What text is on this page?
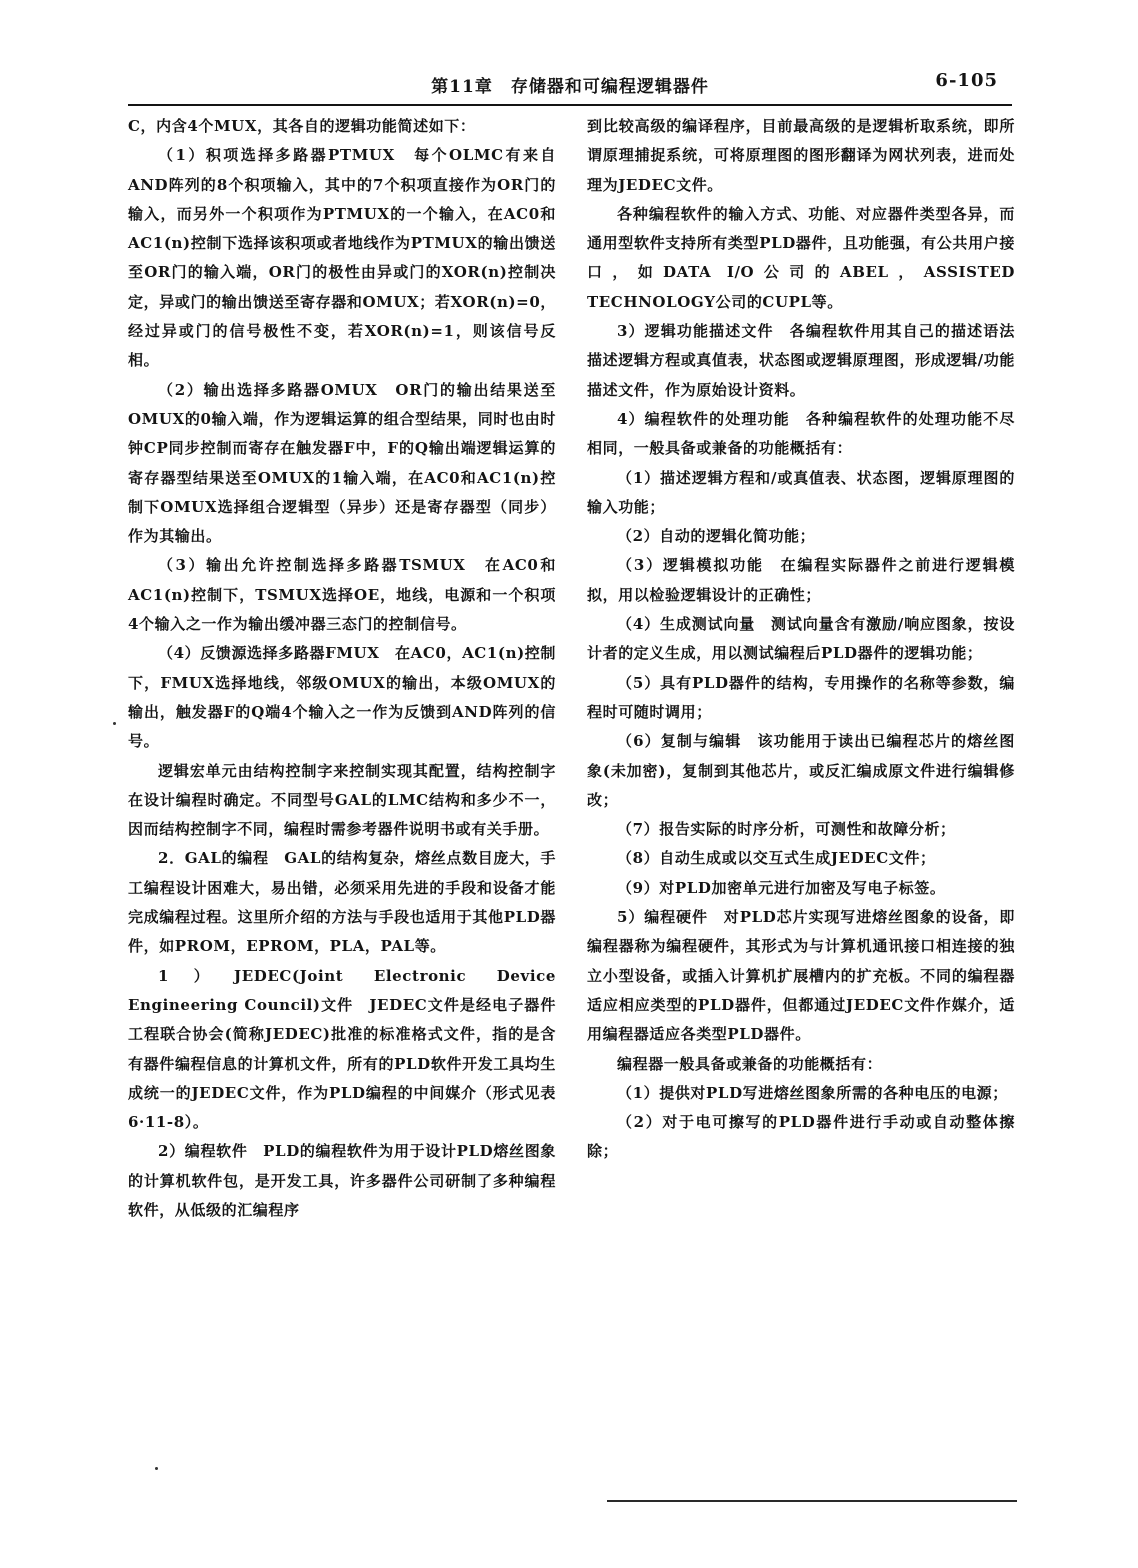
第11章　存储器和可编程逻辑器件	6-105

C，内含4个MUX，其各自的逻辑功能简述如下：

（1）积项选择多路器PTMUX　每个OLMC有来自AND阵列的8个积项输入，其中的7个积项直接作为OR门的输入，而另外一个积项作为PTMUX的一个输入，在AC0和AC1(n)控制下选择该积项或者地线作为PTMUX的输出馈送至OR门的输入端，OR门的极性由异或门的XOR(n)控制决定，异或门的输出馈送至寄存器和OMUX；若XOR(n)=0，经过异或门的信号极性不变，若XOR(n)=1，则该信号反相。

（2）输出选择多路器OMUX　OR门的输出结果送至OMUX的0输入端，作为逻辑运算的组合型结果，同时也由时钟CP同步控制而寄存在触发器F中，F的Q输出端逻辑运算的寄存器型结果送至OMUX的1输入端，在AC0和AC1(n)控制下OMUX选择组合逻辑型（异步）还是寄存器型（同步）作为其输出。

（3）输出允许控制选择多路器TSMUX　在AC0和AC1(n)控制下，TSMUX选择OE，地线，电源和一个积项4个输入之一作为输出缓冲器三态门的控制信号。

（4）反馈源选择多路器FMUX　在AC0，AC1(n)控制下，FMUX选择地线，邻级OMUX的输出，本级OMUX的输出，触发器F的Q端4个输入之一作为反馈到AND阵列的信号。

逻辑宏单元由结构控制字来控制实现其配置，结构控制字在设计编程时确定。不同型号GAL的LMC结构和多少不一，因而结构控制字不同，编程时需参考器件说明书或有关手册。

2．GAL的编程　GAL的结构复杂，熔丝点数目庞大，手工编程设计困难大，易出错，必须采用先进的手段和设备才能完成编程过程。这里所介绍的方法与手段也适用于其他PLD器件，如PROM，EPROM，PLA，PAL等。

1）JEDEC(Joint Electronic Device Engineering Council)文件　JEDEC文件是经电子器件工程联合协会(简称JEDEC)批准的标准格式文件，指的是含有器件编程信息的计算机文件，所有的PLD软件开发工具均生成统一的JEDEC文件，作为PLD编程的中间媒介（形式见表6·11-8）。

2）编程软件　PLD的编程软件为用于设计PLD熔丝图象的计算机软件包，是开发工具，许多器件公司研制了多种编程软件，从低级的汇编程序

到比较高级的编译程序，目前最高级的是逻辑析取系统，即所谓原理捕捉系统，可将原理图的图形翻译为网状列表，进而处理为JEDEC文件。

各种编程软件的输入方式、功能、对应器件类型各异，而通用型软件支持所有类型PLD器件，且功能强，有公共用户接口，如DATA I/O公司的ABEL，ASSISTED TECHNOLOGY公司的CUPL等。

3）逻辑功能描述文件　各编程软件用其自己的描述语法描述逻辑方程或真值表，状态图或逻辑原理图，形成逻辑/功能描述文件，作为原始设计资料。

4）编程软件的处理功能　各种编程软件的处理功能不尽相同，一般具备或兼备的功能概括有：

（1）描述逻辑方程和/或真值表、状态图，逻辑原理图的输入功能；

（2）自动的逻辑化简功能；

（3）逻辑模拟功能　在编程实际器件之前进行逻辑模拟，用以检验逻辑设计的正确性；

（4）生成测试向量　测试向量含有激励/响应图象，按设计者的定义生成，用以测试编程后PLD器件的逻辑功能；

（5）具有PLD器件的结构，专用操作的名称等参数，编程时可随时调用；

（6）复制与编辑　该功能用于读出已编程芯片的熔丝图象(未加密)，复制到其他芯片，或反汇编成原文件进行编辑修改；

（7）报告实际的时序分析，可测性和故障分析；

（8）自动生成或以交互式生成JEDEC文件；

（9）对PLD加密单元进行加密及写电子标签。

5）编程硬件　对PLD芯片实现写进熔丝图象的设备，即编程器称为编程硬件，其形式为与计算机通讯接口相连接的独立小型设备，或插入计算机扩展槽内的扩充板。不同的编程器适应相应类型的PLD器件，但都通过JEDEC文件作媒介，适用编程器适应各类型PLD器件。

编程器一般具备或兼备的功能概括有：

（1）提供对PLD写进熔丝图象所需的各种电压的电源；

（2）对于电可擦写的PLD器件进行手动或自动整体擦除；
